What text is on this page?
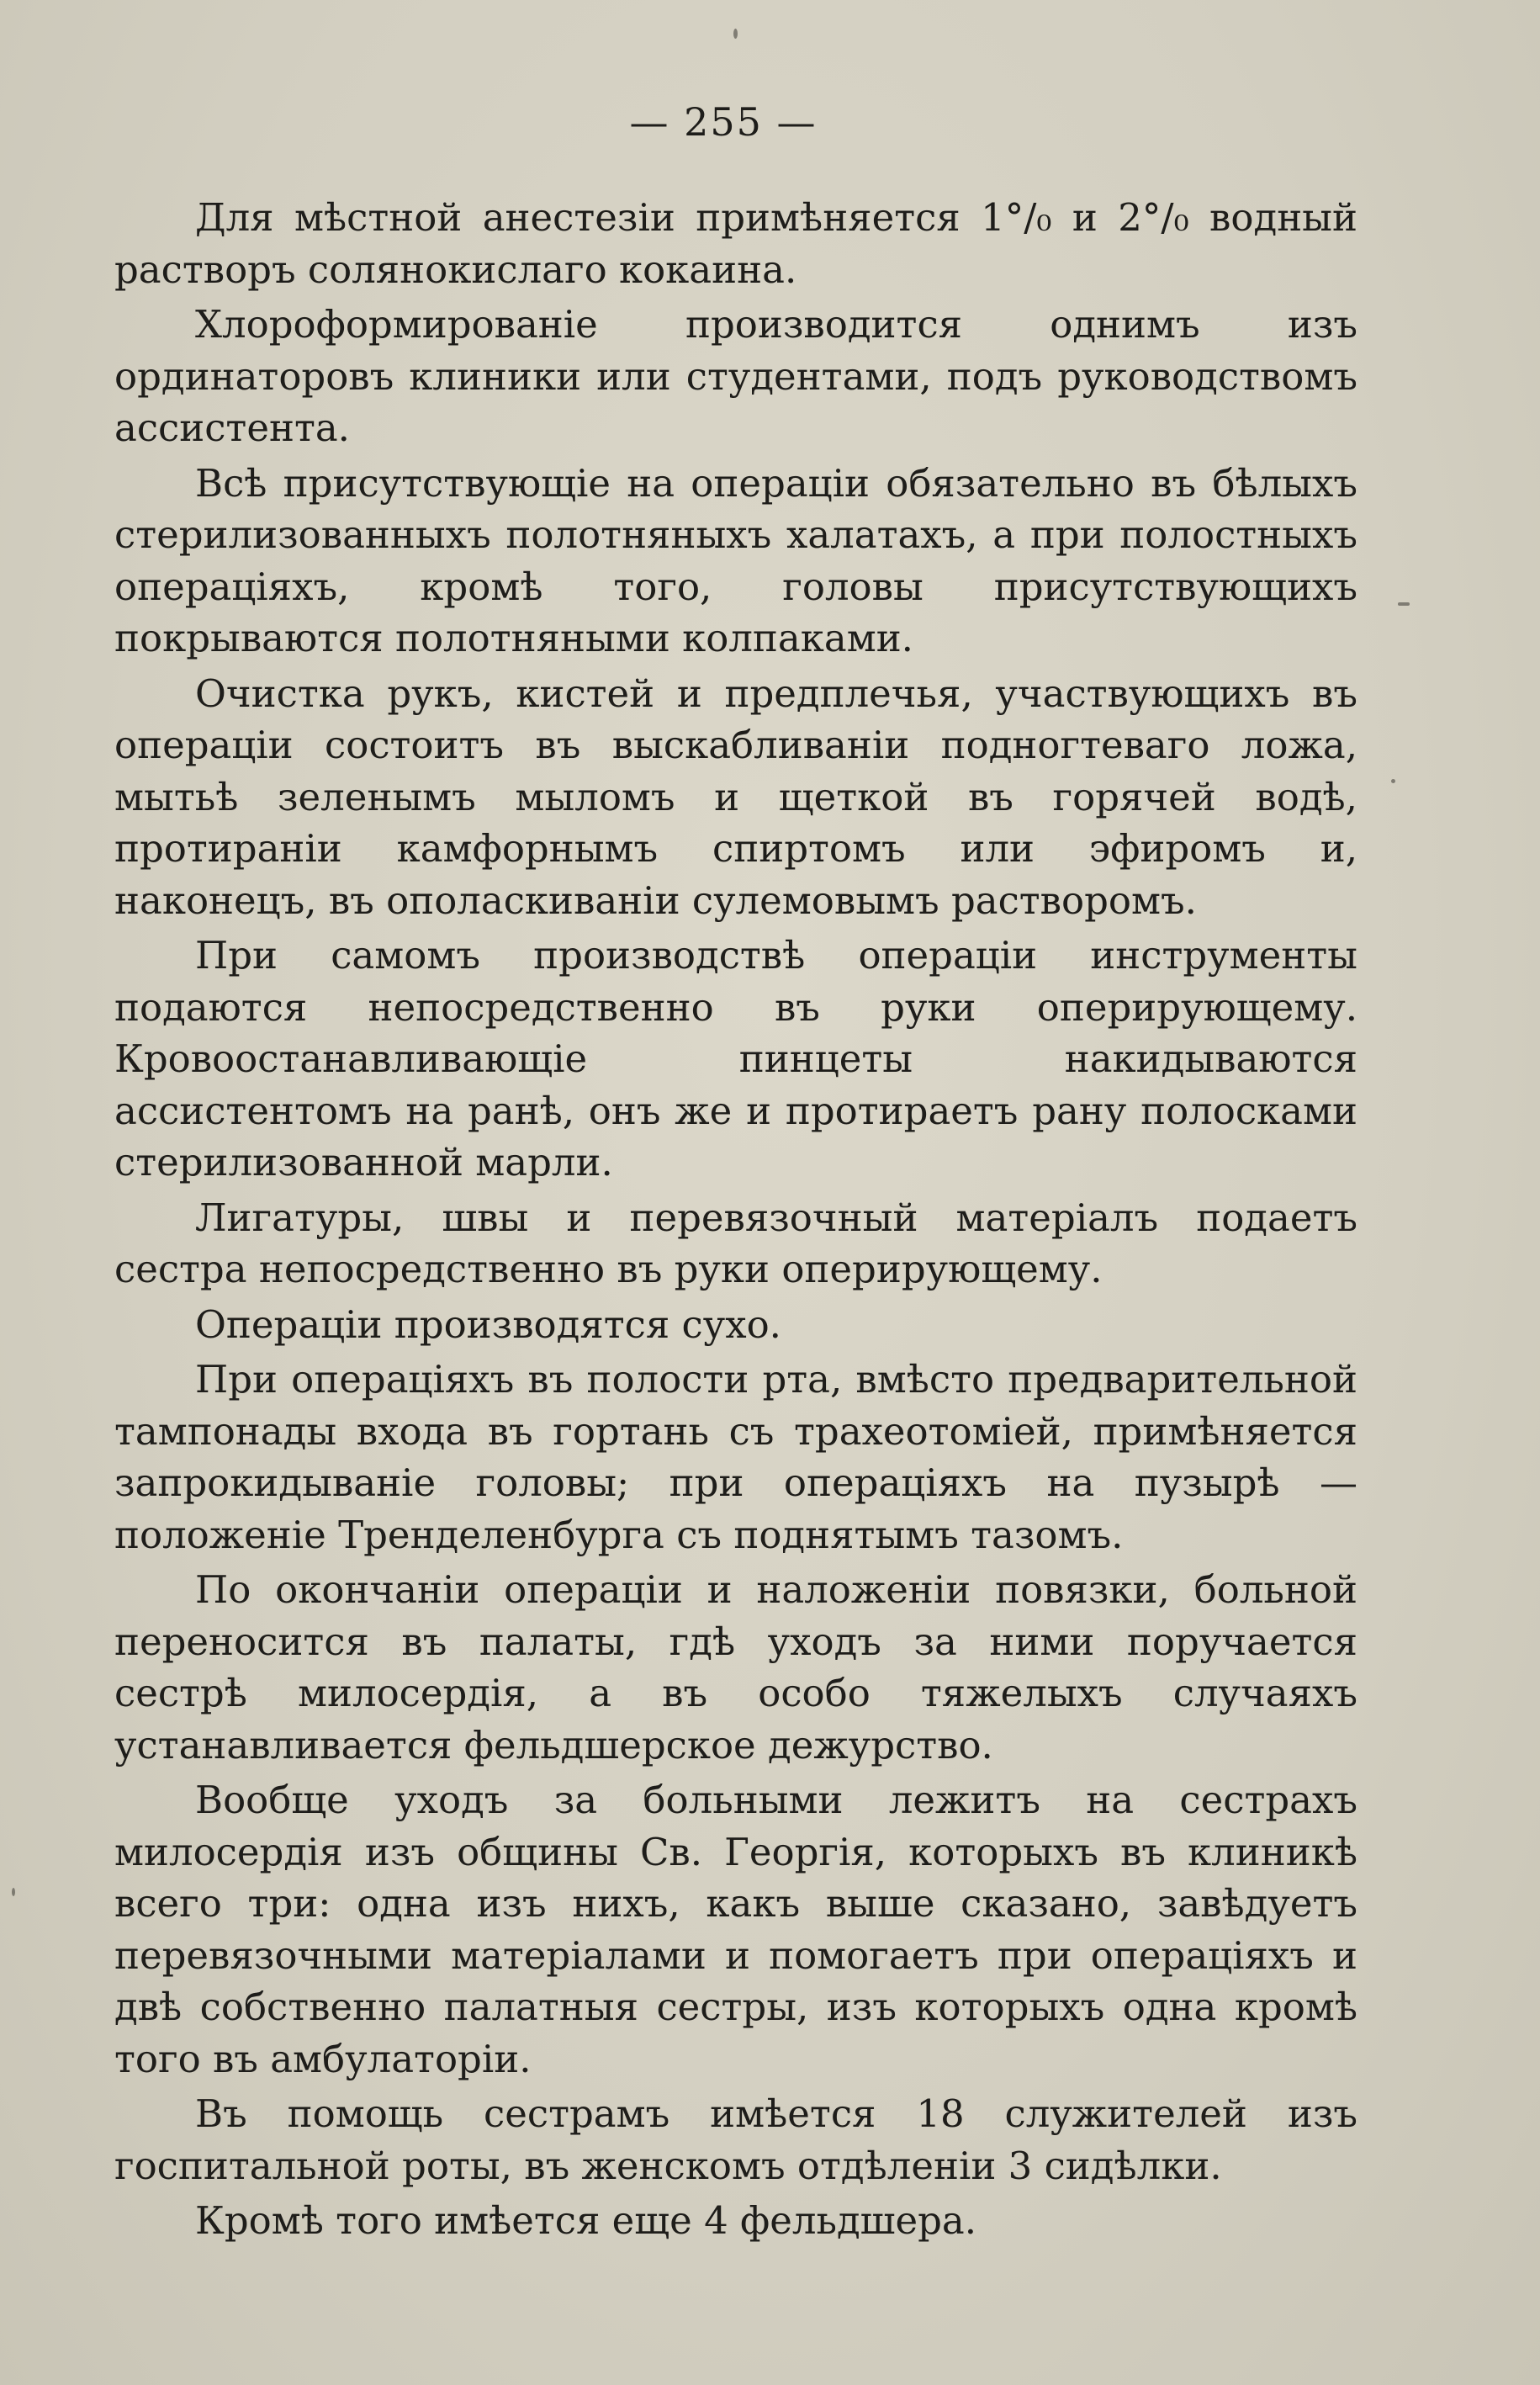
— 255 —

Для мѣстной анестезіи примѣняется 1°/₀ и 2°/₀ водный растворъ солянокислаго кокаина.

Хлороформированіе производится однимъ изъ ординаторовъ клиники или студентами, подъ руководствомъ ассистента.

Всѣ присутствующіе на операціи обязательно въ бѣлыхъ стерилизованныхъ полотняныхъ халатахъ, а при полостныхъ операціяхъ, кромѣ того, головы присутствующихъ покрываются полотняными колпаками.

Очистка рукъ, кистей и предплечья, участвующихъ въ операціи состоитъ въ выскабливаніи подногтеваго ложа, мытьѣ зеленымъ мыломъ и щеткой въ горячей водѣ, протираніи камфорнымъ спиртомъ или эфиромъ и, наконецъ, въ ополаскиваніи сулемовымъ растворомъ.

При самомъ производствѣ операціи инструменты подаются непосредственно въ руки оперирующему. Кровоостанавливающіе пинцеты накидываются ассистентомъ на ранѣ, онъ же и протираетъ рану полосками стерилизованной марли.

Лигатуры, швы и перевязочный матеріалъ подаетъ сестра непосредственно въ руки оперирующему.

Операціи производятся сухо.

При операціяхъ въ полости рта, вмѣсто предварительной тампонады входа въ гортань съ трахеотоміей, примѣняется запрокидываніе головы; при операціяхъ на пузырѣ — положеніе Тренделенбурга съ поднятымъ тазомъ.

По окончаніи операціи и наложеніи повязки, больной переносится въ палаты, гдѣ уходъ за ними поручается сестрѣ милосердія, а въ особо тяжелыхъ случаяхъ устанавливается фельдшерское дежурство.

Вообще уходъ за больными лежитъ на сестрахъ милосердія изъ общины Св. Георгія, которыхъ въ клиникѣ всего три: одна изъ нихъ, какъ выше сказано, завѣдуетъ перевязочными матеріалами и помогаетъ при операціяхъ и двѣ собственно палатныя сестры, изъ которыхъ одна кромѣ того въ амбулаторіи.

Въ помощь сестрамъ имѣется 18 служителей изъ госпитальной роты, въ женскомъ отдѣленіи 3 сидѣлки.

Кромѣ того имѣется еще 4 фельдшера.
